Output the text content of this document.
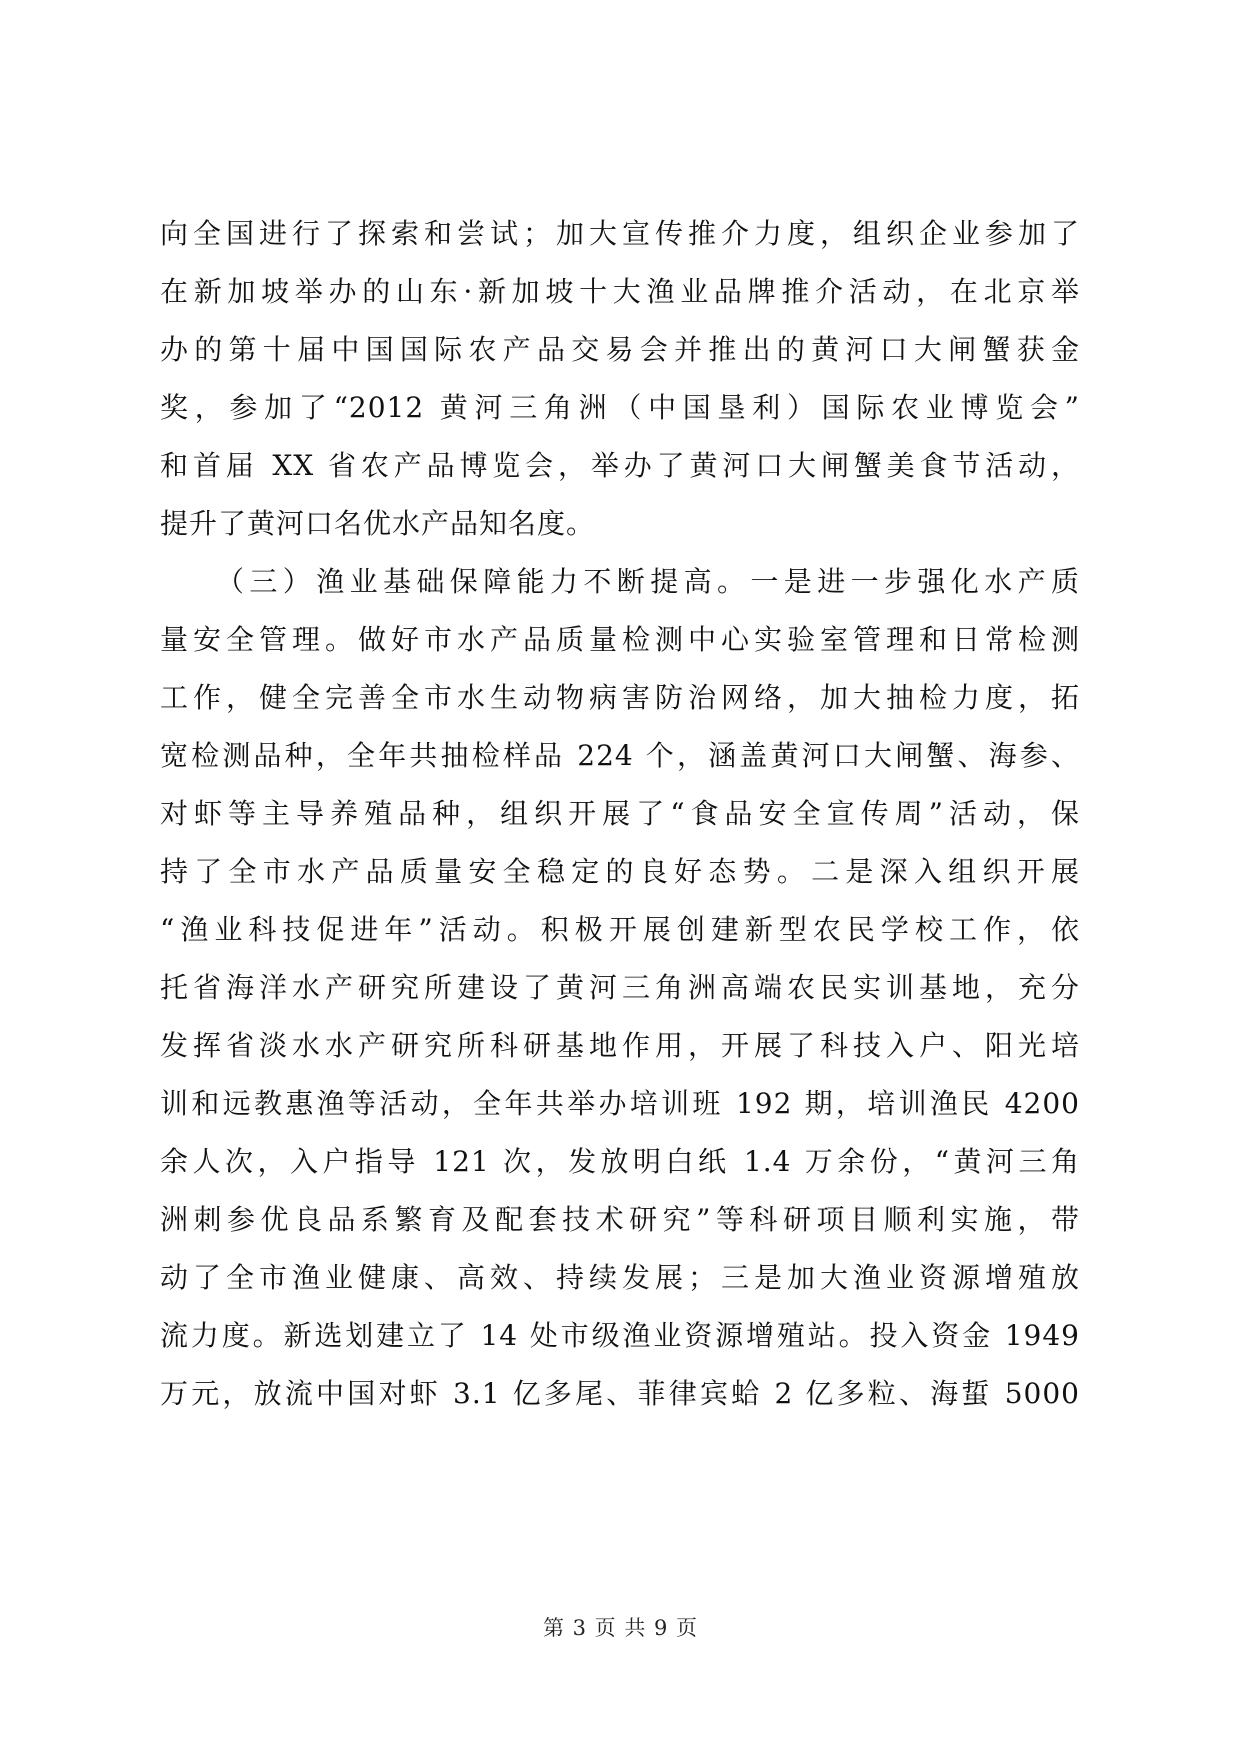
向全国进行了探索和尝试；加大宣传推介力度，组织企业参加了
在新加坡举办的山东·新加坡十大渔业品牌推介活动，在北京举
办的第十届中国国际农产品交易会并推出的黄河口大闸蟹获金
奖，参加了“2012 黄河三角洲（中国垦利）国际农业博览会”
和首届 XX 省农产品博览会，举办了黄河口大闸蟹美食节活动，
提升了黄河口名优水产品知名度。
（三）渔业基础保障能力不断提高。一是进一步强化水产质
量安全管理。做好市水产品质量检测中心实验室管理和日常检测
工作，健全完善全市水生动物病害防治网络，加大抽检力度，拓
宽检测品种，全年共抽检样品 224 个，涵盖黄河口大闸蟹、海参、
对虾等主导养殖品种，组织开展了“食品安全宣传周”活动，保
持了全市水产品质量安全稳定的良好态势。二是深入组织开展
“渔业科技促进年”活动。积极开展创建新型农民学校工作，依
托省海洋水产研究所建设了黄河三角洲高端农民实训基地，充分
发挥省淡水水产研究所科研基地作用，开展了科技入户、阳光培
训和远教惠渔等活动，全年共举办培训班 192 期，培训渔民 4200
余人次，入户指导 121 次，发放明白纸 1.4 万余份，“黄河三角
洲刺参优良品系繁育及配套技术研究”等科研项目顺利实施，带
动了全市渔业健康、高效、持续发展；三是加大渔业资源增殖放
流力度。新选划建立了 14 处市级渔业资源增殖站。投入资金 1949
万元，放流中国对虾 3.1 亿多尾、菲律宾蛤 2 亿多粒、海蜇 5000
第 3 页 共 9 页
